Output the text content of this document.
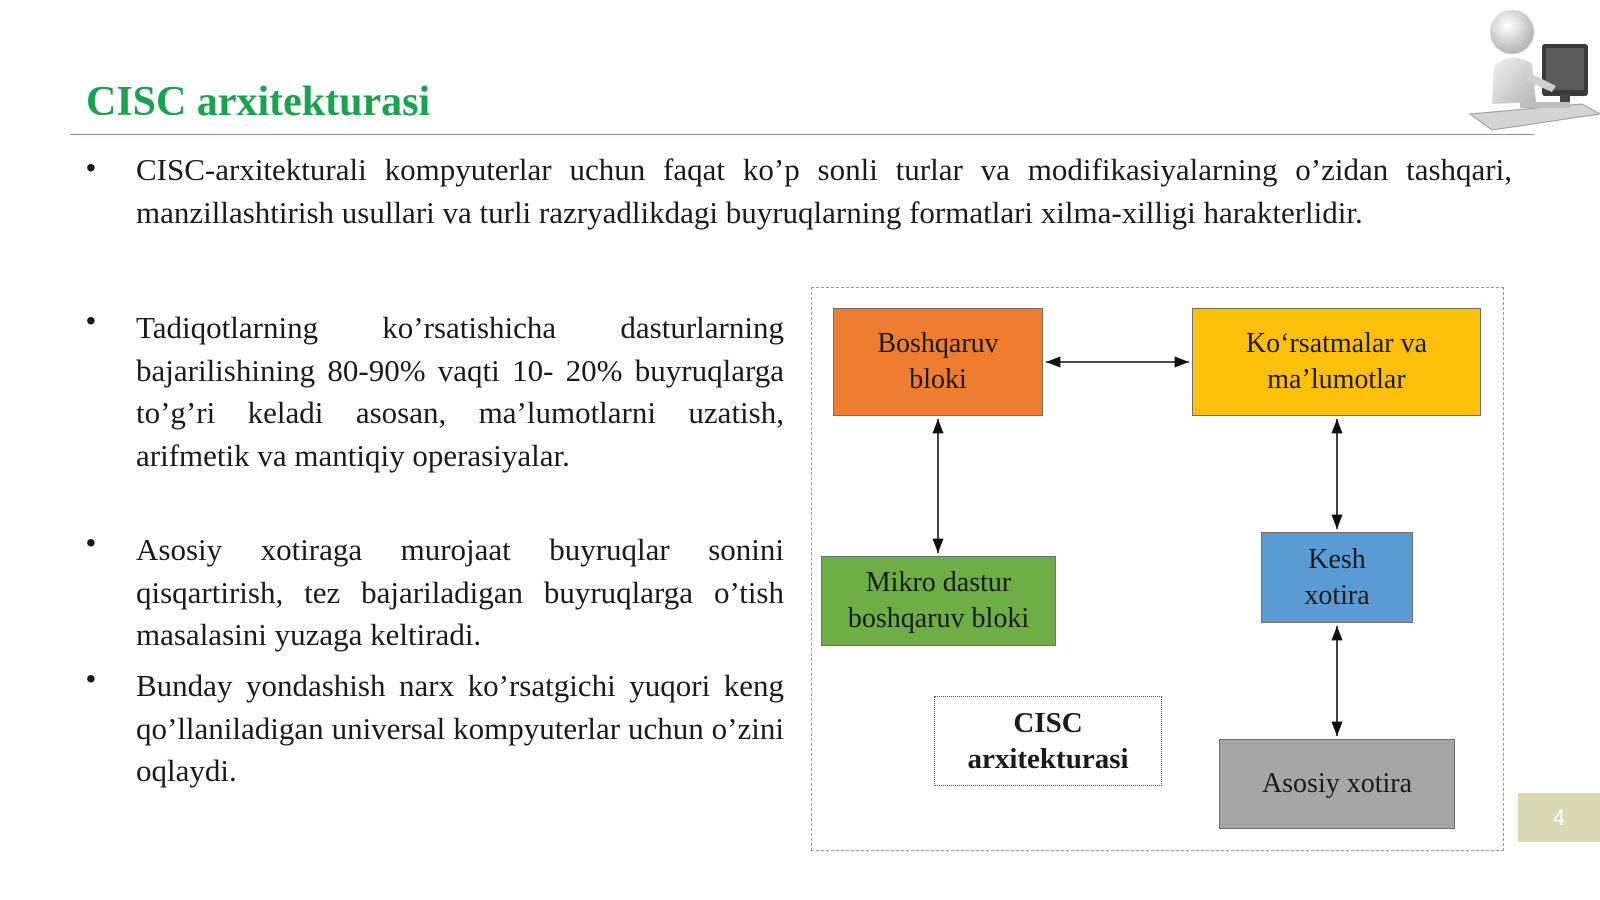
CISC arxitekturasi
• CISC-arxitekturali kompyuterlar uchun faqat ko’p sonli turlar va modifikasiyalarning o’zidan tashqari, manzillashtirish usullari va turli razryadlikdagi buyruqlarning formatlari xilma-xilligi harakterlidir.
• Tadiqotlarning ko’rsatishicha dasturlarning bajarilishining 80-90% vaqti 10- 20% buyruqlarga to’g’ri keladi asosan, ma’lumotlarni uzatish, arifmetik va mantiqiy operasiyalar.
• Asosiy xotiraga murojaat buyruqlar sonini qisqartirish, tez bajariladigan buyruqlarga o’tish masalasini yuzaga keltiradi.
• Bunday yondashish narx ko’rsatgichi yuqori keng qo’llaniladigan universal kompyuterlar uchun o’zini oqlaydi.
Boshqaruv
bloki
Koʻrsatmalar va
maʼlumotlar
Mikro dastur
boshqaruv bloki
Kesh
xotira
Asosiy xotira
CISC
arxitekturasi
4
